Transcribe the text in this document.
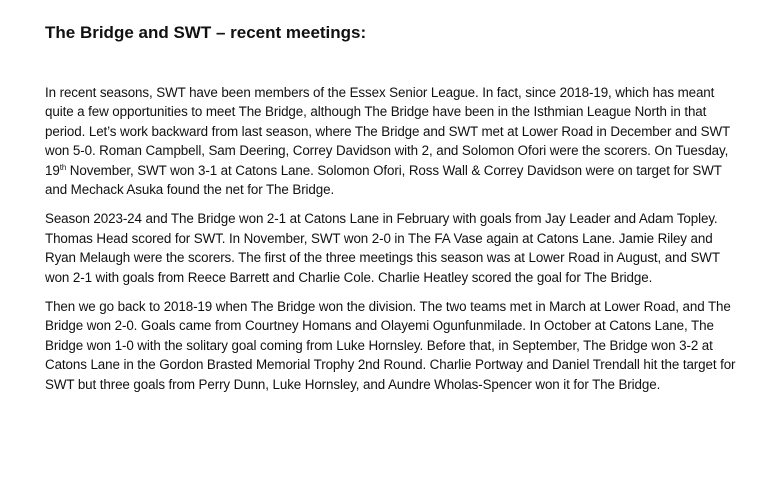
The Bridge and SWT – recent meetings:

In recent seasons, SWT have been members of the Essex Senior League. In fact, since 2018-19, which has meant quite a few opportunities to meet The Bridge, although The Bridge have been in the Isthmian League North in that period. Let’s work backward from last season, where The Bridge and SWT met at Lower Road in December and SWT won 5-0. Roman Campbell, Sam Deering, Correy Davidson with 2, and Solomon Ofori were the scorers. On Tuesday, 19th November, SWT won 3-1 at Catons Lane. Solomon Ofori, Ross Wall & Correy Davidson were on target for SWT and Mechack Asuka found the net for The Bridge.

Season 2023-24 and The Bridge won 2-1 at Catons Lane in February with goals from Jay Leader and Adam Topley. Thomas Head scored for SWT. In November, SWT won 2-0 in The FA Vase again at Catons Lane. Jamie Riley and Ryan Melaugh were the scorers. The first of the three meetings this season was at Lower Road in August, and SWT won 2-1 with goals from Reece Barrett and Charlie Cole. Charlie Heatley scored the goal for The Bridge.

Then we go back to 2018-19 when The Bridge won the division. The two teams met in March at Lower Road, and The Bridge won 2-0. Goals came from Courtney Homans and Olayemi Ogunfunmilade. In October at Catons Lane, The Bridge won 1-0 with the solitary goal coming from Luke Hornsley. Before that, in September, The Bridge won 3-2 at Catons Lane in the Gordon Brasted Memorial Trophy 2nd Round. Charlie Portway and Daniel Trendall hit the target for SWT but three goals from Perry Dunn, Luke Hornsley, and Aundre Wholas-Spencer won it for The Bridge.
